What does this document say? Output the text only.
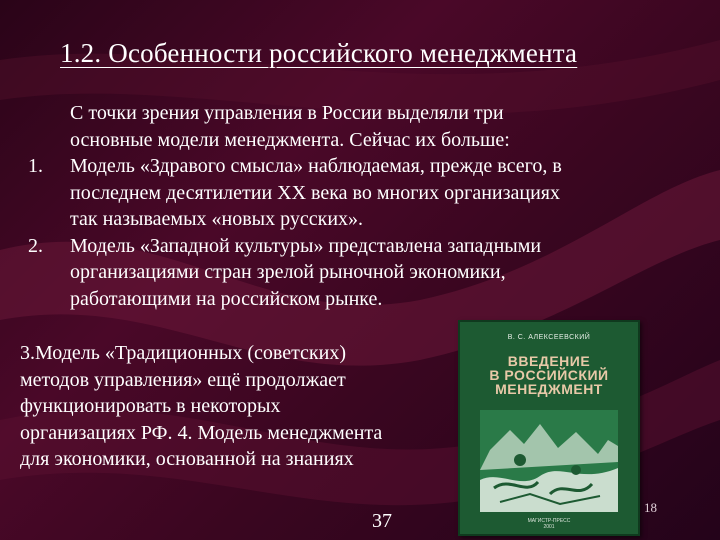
1.2. Особенности российского менеджмента
С точки зрения управления в России выделяли три
основные модели менеджмента. Сейчас их больше:
1.	Модель «Здравого смысла» наблюдаемая, прежде всего, в
последнем десятилетии XX века во многих организациях
так называемых «новых русских».
2.	Модель «Западной культуры» представлена западными
организациями стран зрелой рыночной экономики,
работающими на российском рынке.
3.Модель «Традиционных (советских)
методов управления» ещё продолжает
функционировать в некоторых
организациях РФ. 4. Модель менеджмента
для экономики, основанной на знаниях
В. С. АЛЕКСЕЕВСКИЙ
ВВЕДЕНИЕ
В РОССИЙСКИЙ
МЕНЕДЖМЕНТ
МАГИСТР-ПРЕСС
2001
37
18
